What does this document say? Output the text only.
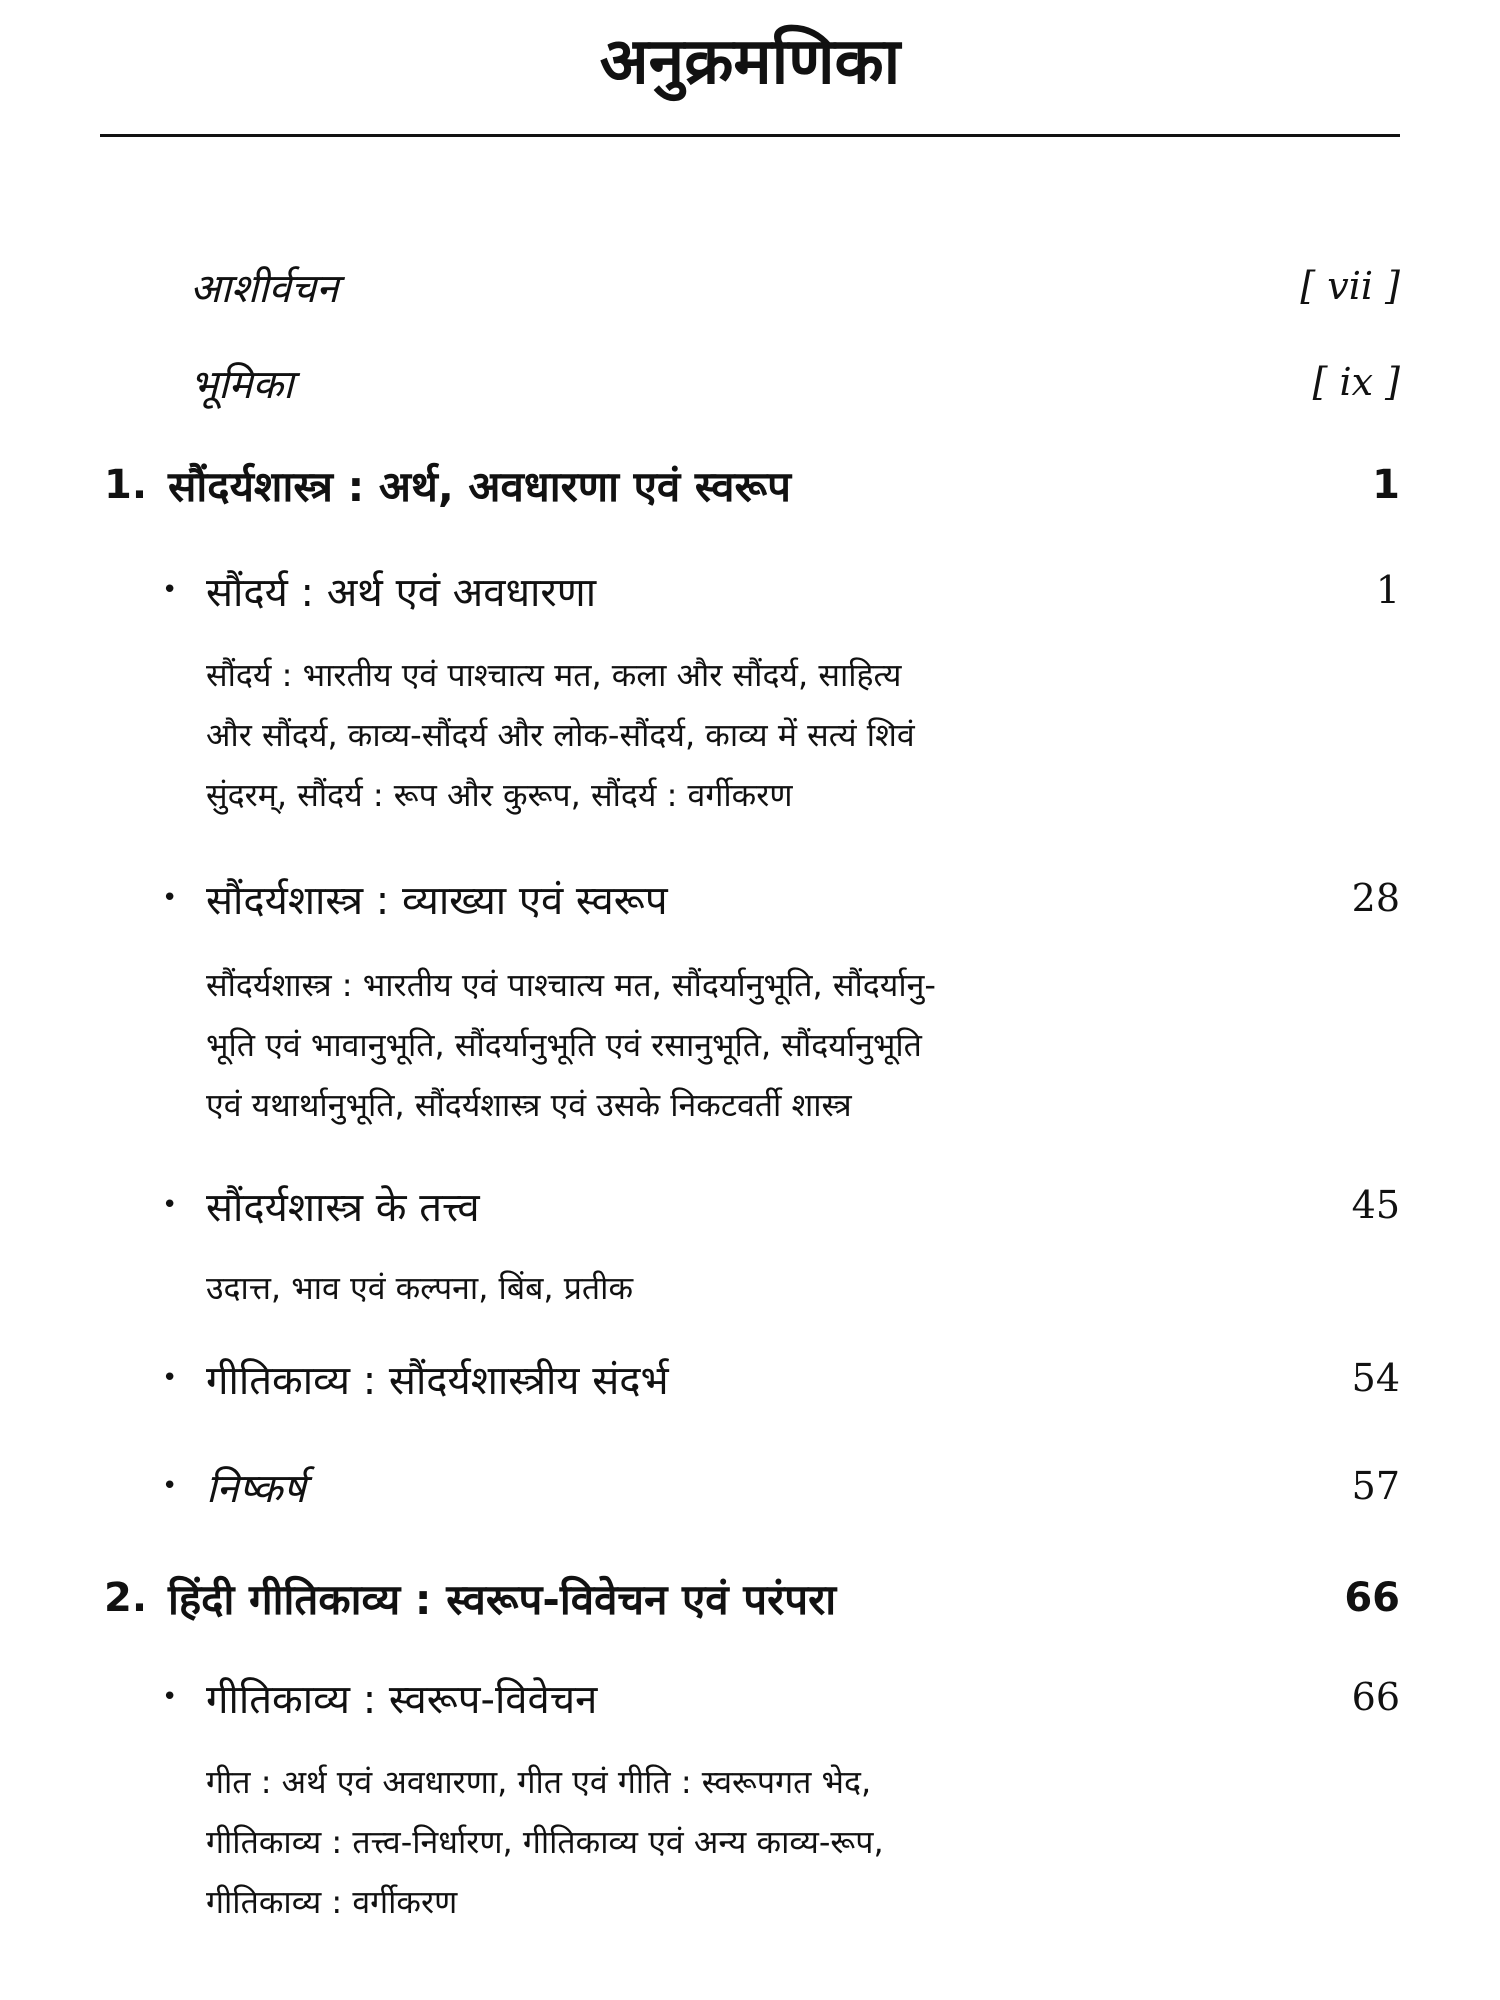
अनुक्रमणिका
आशीर्वचन	[ vii ]
भूमिका	[ ix ]
1. सौंदर्यशास्त्र : अर्थ, अवधारणा एवं स्वरूप	1
• सौंदर्य : अर्थ एवं अवधारणा	1
सौंदर्य : भारतीय एवं पाश्चात्य मत, कला और सौंदर्य, साहित्य
और सौंदर्य, काव्य-सौंदर्य और लोक-सौंदर्य, काव्य में सत्यं शिवं
सुंदरम्, सौंदर्य : रूप और कुरूप, सौंदर्य : वर्गीकरण
• सौंदर्यशास्त्र : व्याख्या एवं स्वरूप	28
सौंदर्यशास्त्र : भारतीय एवं पाश्चात्य मत, सौंदर्यानुभूति, सौंदर्यानु-
भूति एवं भावानुभूति, सौंदर्यानुभूति एवं रसानुभूति, सौंदर्यानुभूति
एवं यथार्थानुभूति, सौंदर्यशास्त्र एवं उसके निकटवर्ती शास्त्र
• सौंदर्यशास्त्र के तत्त्व	45
उदात्त, भाव एवं कल्पना, बिंब, प्रतीक
• गीतिकाव्य : सौंदर्यशास्त्रीय संदर्भ	54
• निष्कर्ष	57
2. हिंदी गीतिकाव्य : स्वरूप-विवेचन एवं परंपरा	66
• गीतिकाव्य : स्वरूप-विवेचन	66
गीत : अर्थ एवं अवधारणा, गीत एवं गीति : स्वरूपगत भेद,
गीतिकाव्य : तत्त्व-निर्धारण, गीतिकाव्य एवं अन्य काव्य-रूप,
गीतिकाव्य : वर्गीकरण
